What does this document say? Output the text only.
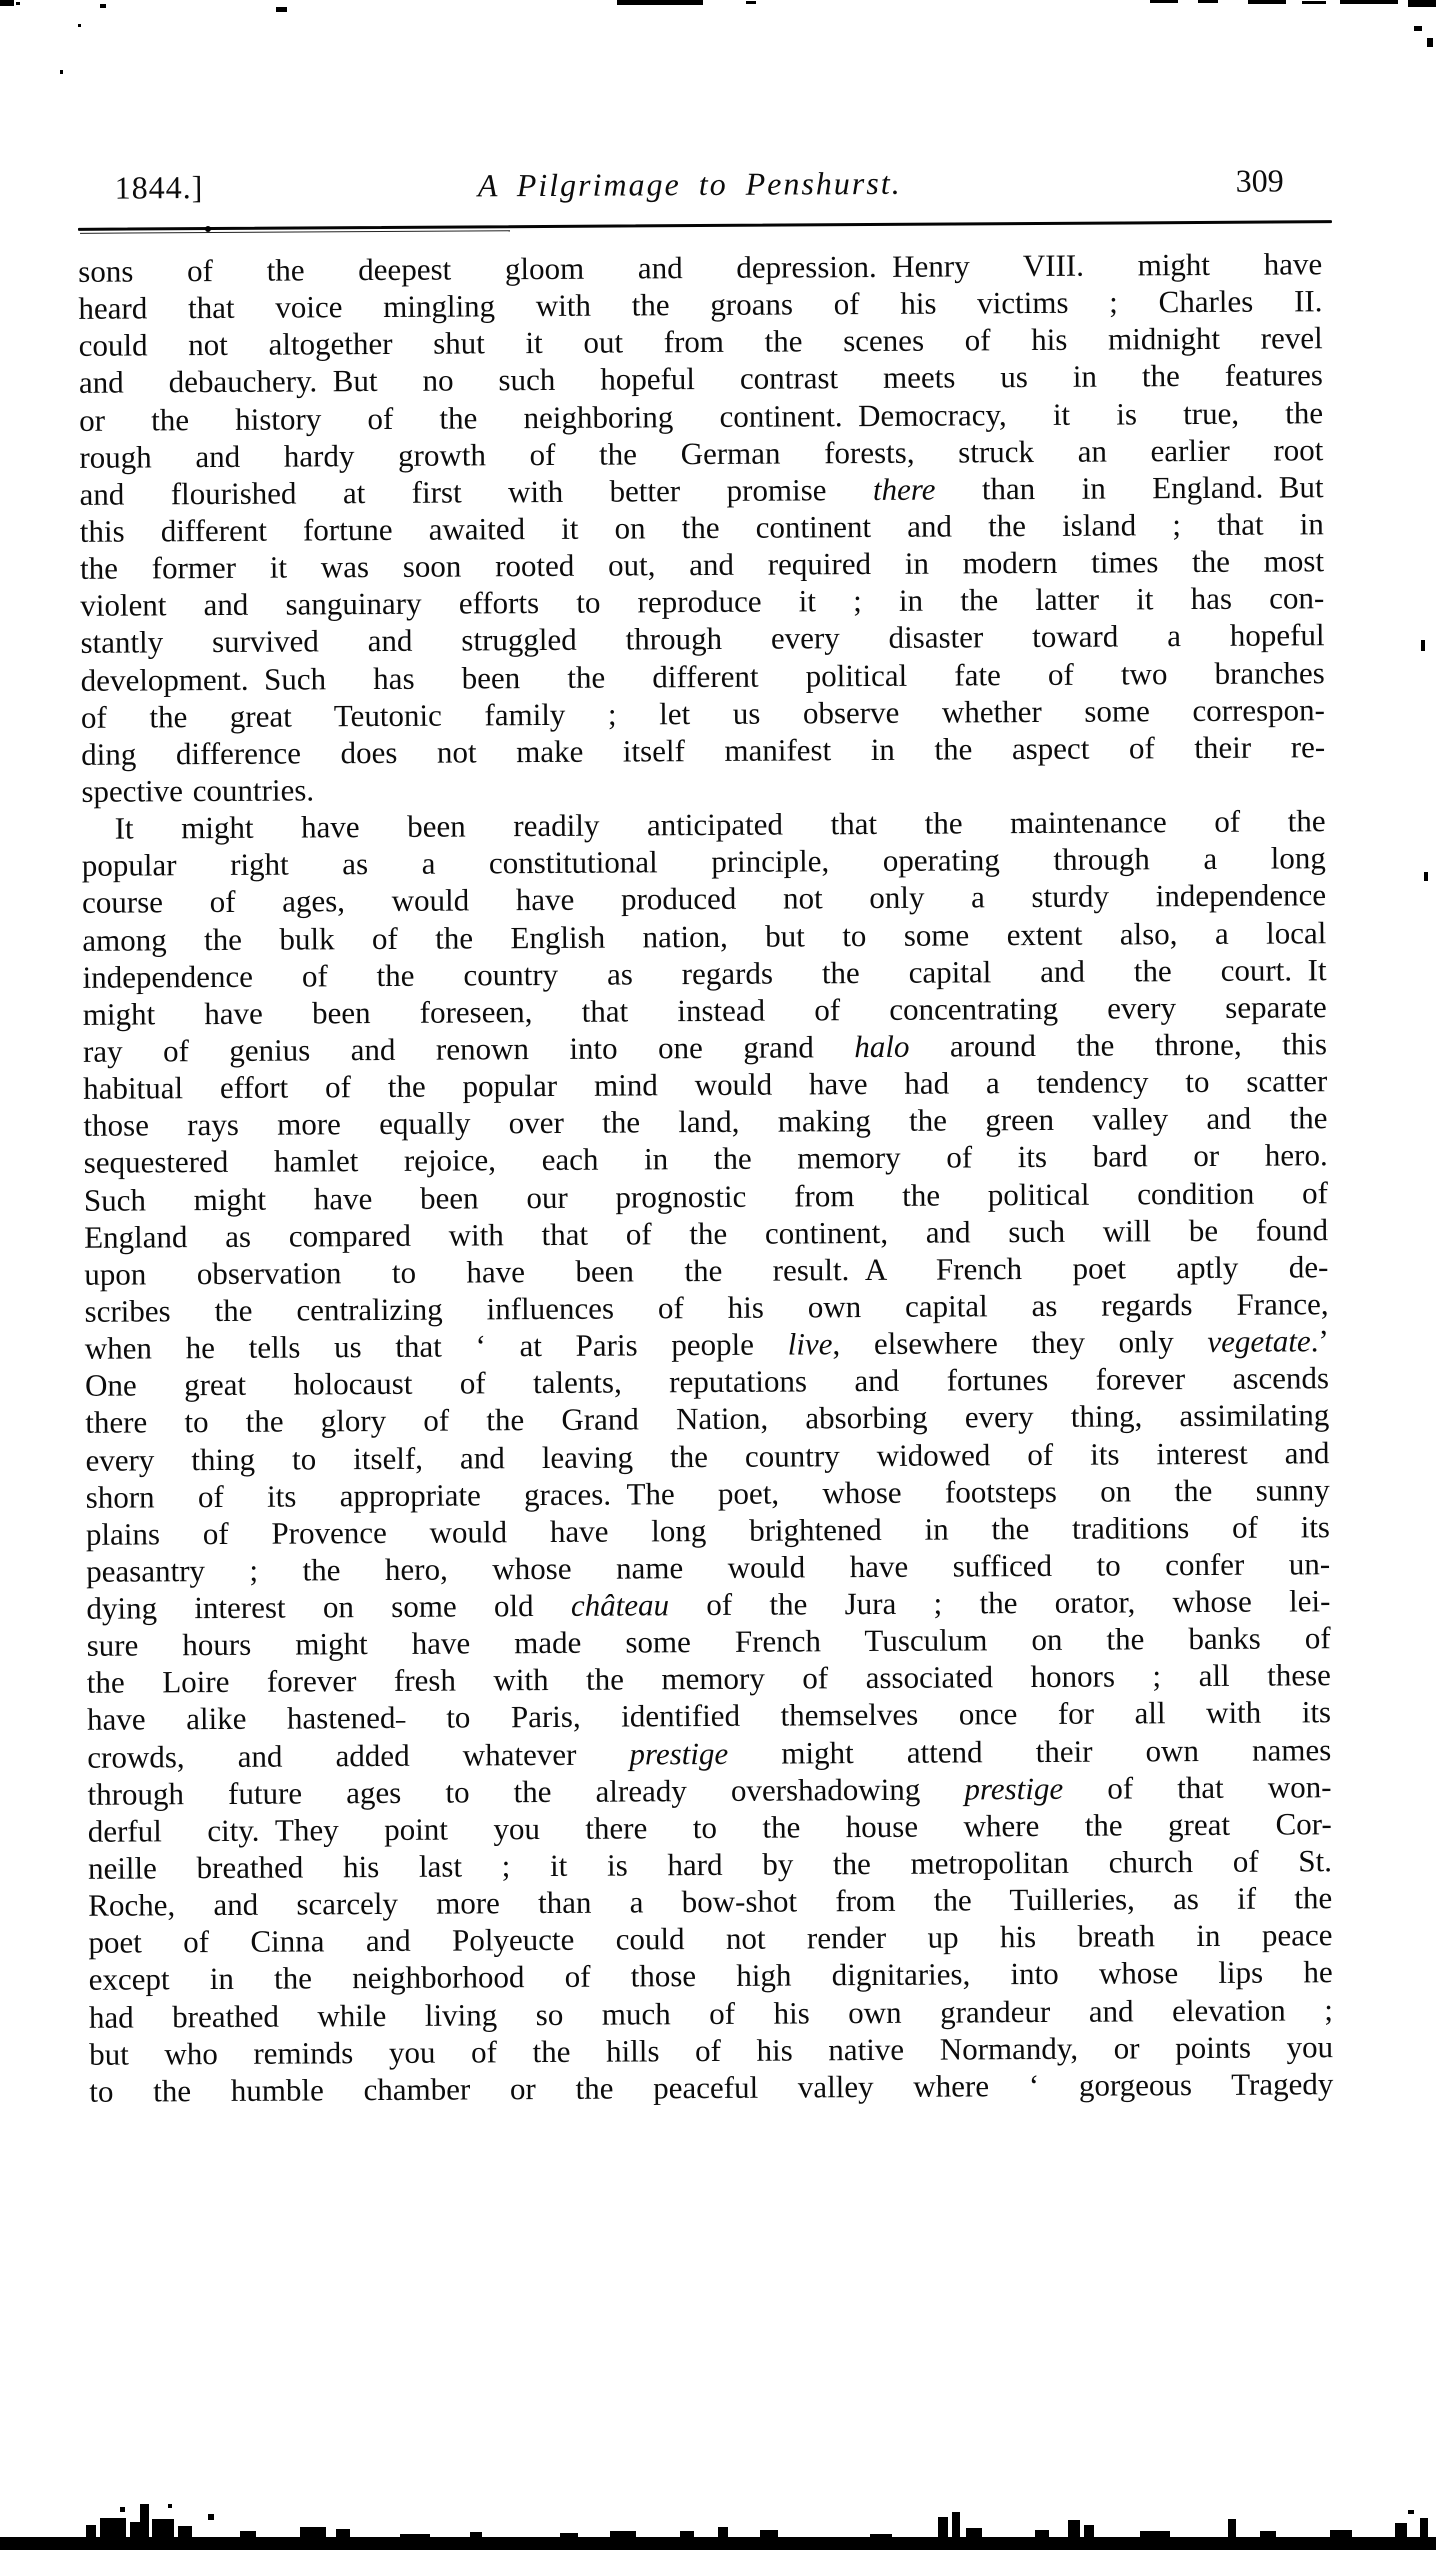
1844.]	A Pilgrimage to Penshurst.	309
sons of the deepest gloom and depression. Henry VIII. might have
heard that voice mingling with the groans of his victims ; Charles II.
could not altogether shut it out from the scenes of his midnight revel
and debauchery. But no such hopeful contrast meets us in the features
or the history of the neighboring continent. Democracy, it is true, the
rough and hardy growth of the German forests, struck an earlier root
and flourished at first with better promise there than in England. But
this different fortune awaited it on the continent and the island ; that in
the former it was soon rooted out, and required in modern times the most
violent and sanguinary efforts to reproduce it ; in the latter it has con-
stantly survived and struggled through every disaster toward a hopeful
development. Such has been the different political fate of two branches
of the great Teutonic family ; let us observe whether some correspon-
ding difference does not make itself manifest in the aspect of their re-
spective countries.
It might have been readily anticipated that the maintenance of the
popular right as a constitutional principle, operating through a long
course of ages, would have produced not only a sturdy independence
among the bulk of the English nation, but to some extent also, a local
independence of the country as regards the capital and the court. It
might have been foreseen, that instead of concentrating every separate
ray of genius and renown into one grand halo around the throne, this
habitual effort of the popular mind would have had a tendency to scatter
those rays more equally over the land, making the green valley and the
sequestered hamlet rejoice, each in the memory of its bard or hero.
Such might have been our prognostic from the political condition of
England as compared with that of the continent, and such will be found
upon observation to have been the result. A French poet aptly de-
scribes the centralizing influences of his own capital as regards France,
when he tells us that ‘ at Paris people live, elsewhere they only vegetate.’
One great holocaust of talents, reputations and fortunes forever ascends
there to the glory of the Grand Nation, absorbing every thing, assimilating
every thing to itself, and leaving the country widowed of its interest and
shorn of its appropriate graces. The poet, whose footsteps on the sunny
plains of Provence would have long brightened in the traditions of its
peasantry ; the hero, whose name would have sufficed to confer un-
dying interest on some old château of the Jura ; the orator, whose lei-
sure hours might have made some French Tusculum on the banks of
the Loire forever fresh with the memory of associated honors ; all these
have alike hastened˗ to Paris, identified themselves once for all with its
crowds, and added whatever prestige might attend their own names
through future ages to the already overshadowing prestige of that won-
derful city. They point you there to the house where the great Cor-
neille breathed his last ; it is hard by the metropolitan church of St.
Roche, and scarcely more than a bow-shot from the Tuilleries, as if the
poet of Cinna and Polyeucte could not render up his breath in peace
except in the neighborhood of those high dignitaries, into whose lips he
had breathed while living so much of his own grandeur and elevation ;
but who reminds you of the hills of his native Normandy, or points you
to the humble chamber or the peaceful valley where ‘ gorgeous Tragedy
